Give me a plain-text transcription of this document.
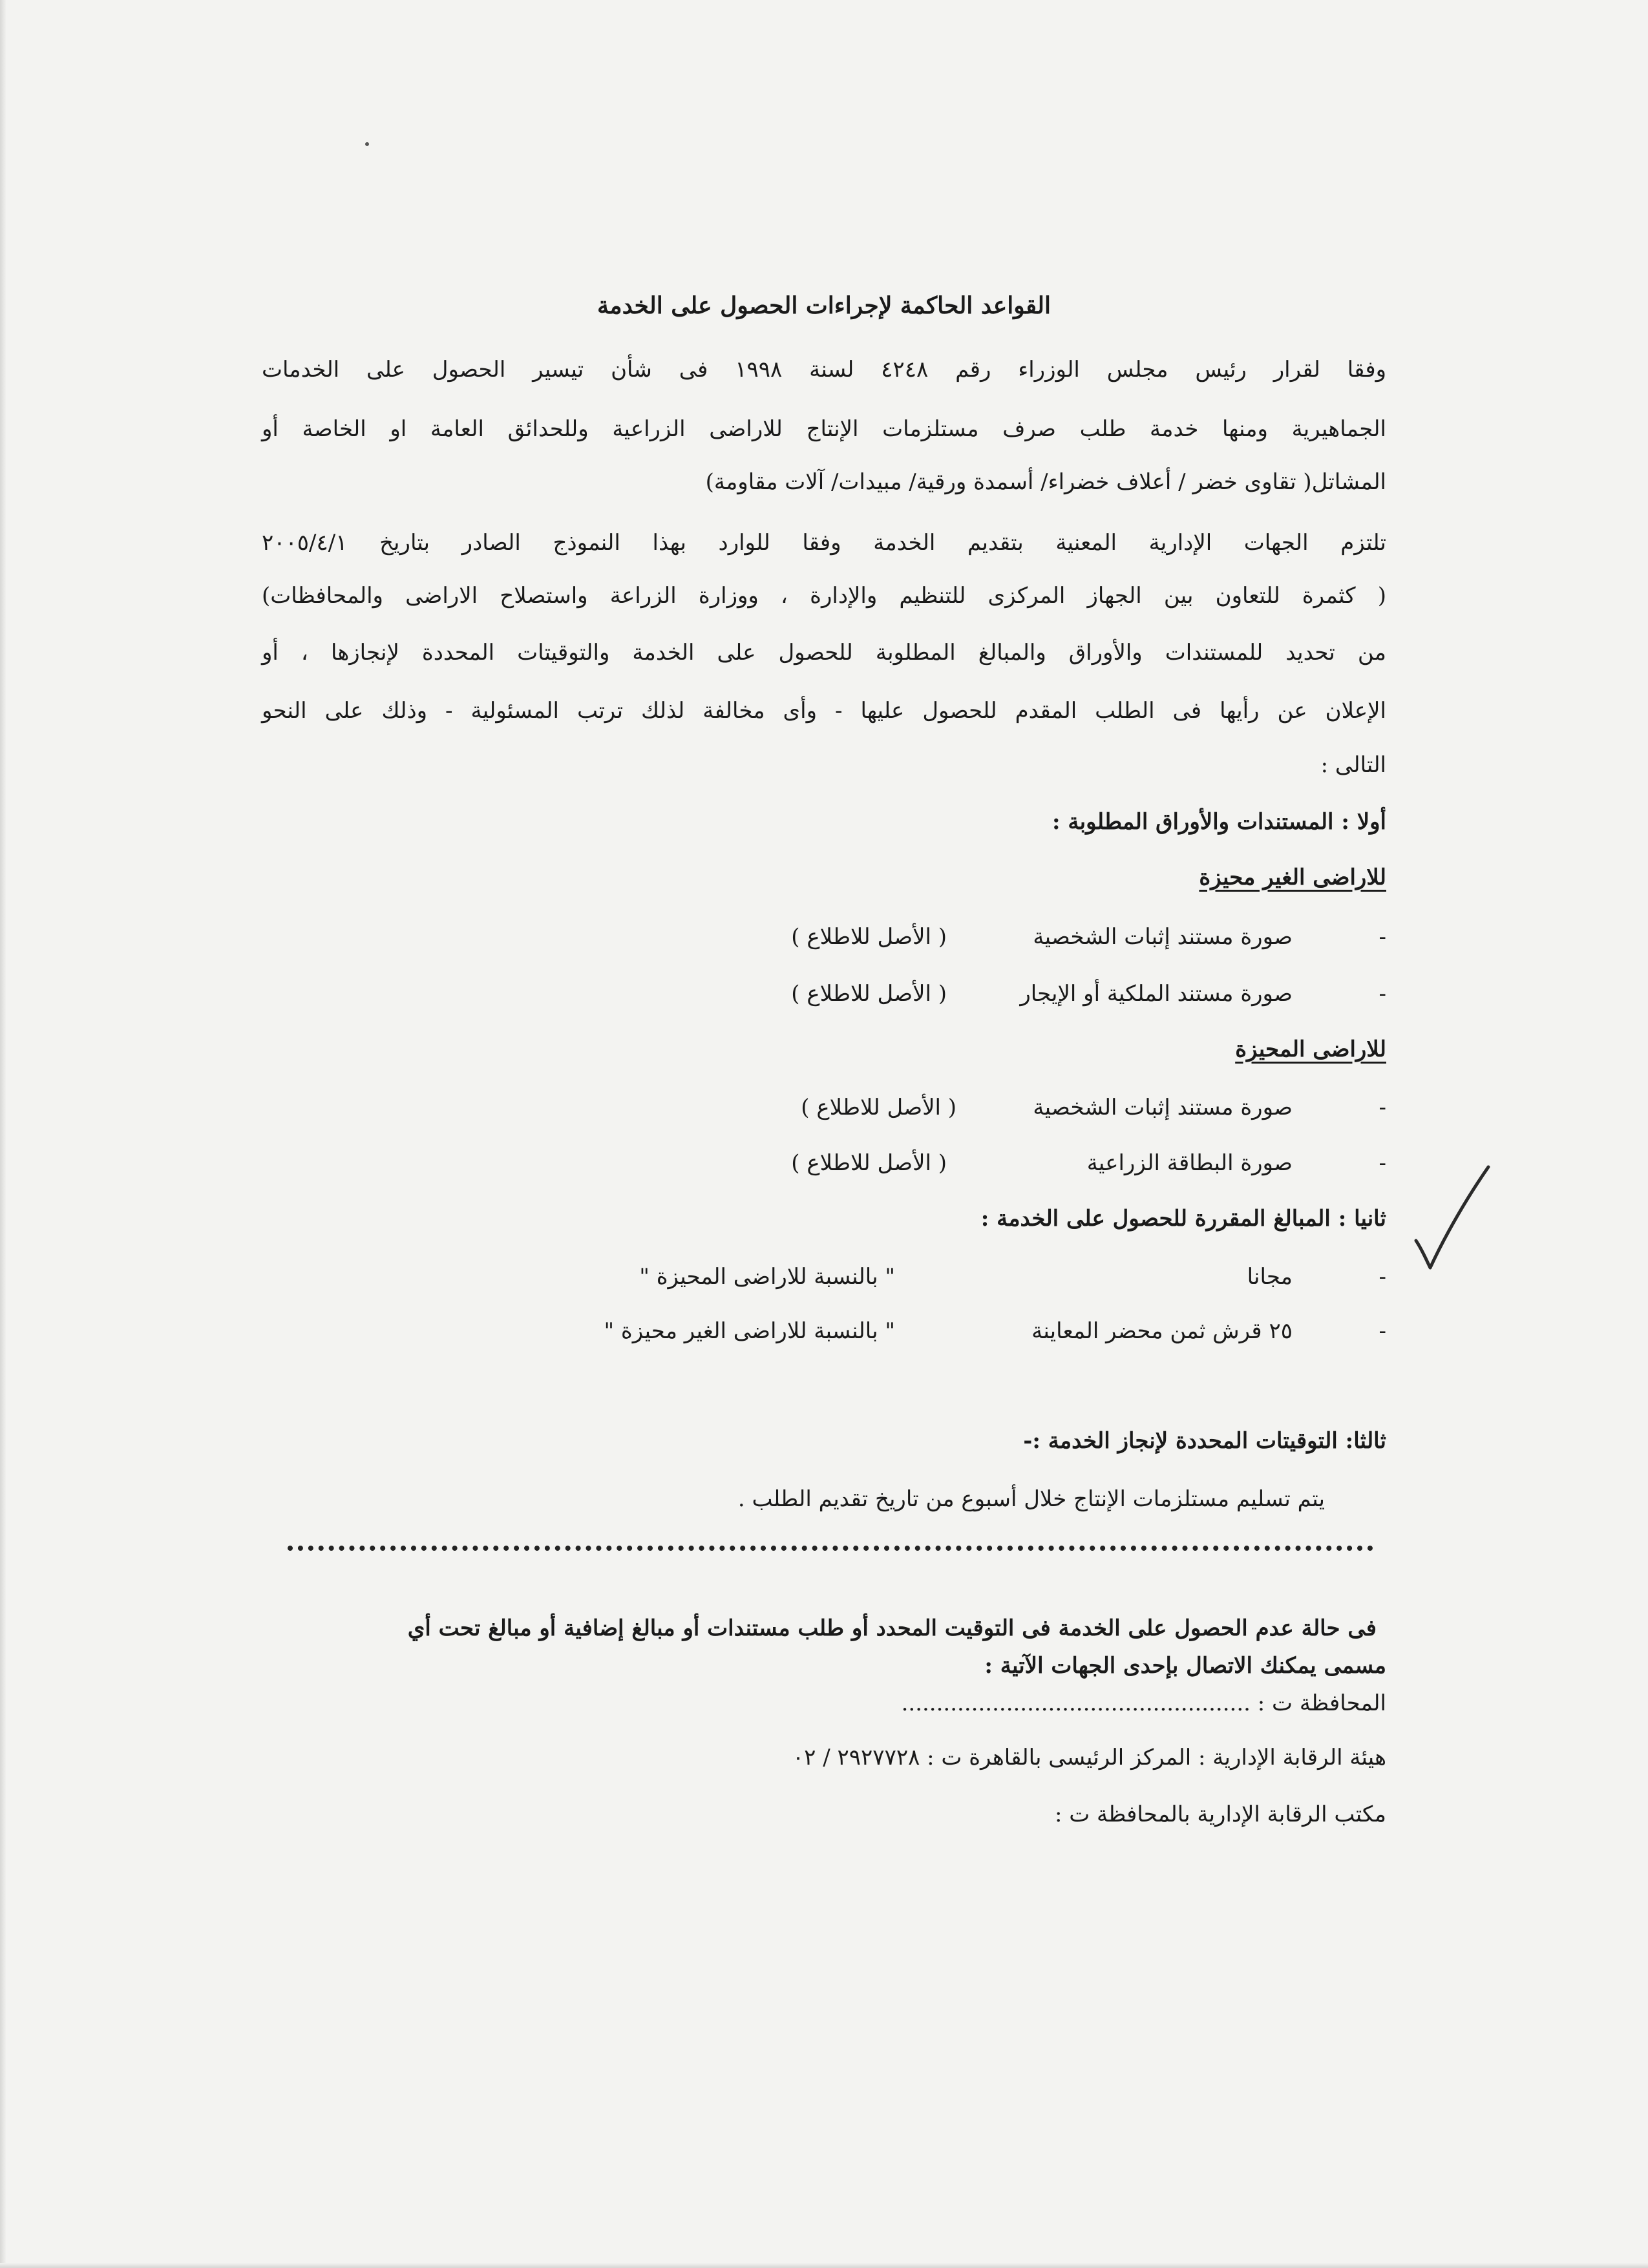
القواعد الحاكمة لإجراءات الحصول على الخدمة
وفقا لقرار رئيس مجلس الوزراء رقم ٤٢٤٨ لسنة ١٩٩٨ فى شأن تيسير الحصول على الخدمات
الجماهيرية ومنها خدمة طلب صرف مستلزمات الإنتاج للاراضى الزراعية وللحدائق العامة او الخاصة أو
المشاتل( تقاوى خضر / أعلاف خضراء/ أسمدة ورقية/ مبيدات/ آلات مقاومة)
تلتزم الجهات الإدارية المعنية بتقديم الخدمة وفقا للوارد بهذا النموذج الصادر بتاريخ ٢٠٠٥/٤/١
( كثمرة للتعاون بين الجهاز المركزى للتنظيم والإدارة ، ووزارة الزراعة واستصلاح الاراضى والمحافظات)
من تحديد للمستندات والأوراق والمبالغ المطلوبة للحصول على الخدمة والتوقيتات المحددة لإنجازها ، أو
الإعلان عن رأيها فى الطلب المقدم للحصول عليها - وأى مخالفة لذلك ترتب المسئولية - وذلك على النحو
التالى :
أولا : المستندات والأوراق المطلوبة :
للاراضى الغير محيزة
-
صورة مستند إثبات الشخصية
( الأصل للاطلاع )
-
صورة مستند الملكية أو الإيجار
( الأصل للاطلاع )
للاراضى المحيزة
-
صورة مستند إثبات الشخصية
( الأصل للاطلاع )
-
صورة البطاقة الزراعية
( الأصل للاطلاع )
ثانيا : المبالغ المقررة للحصول على الخدمة :
-
مجانا
" بالنسبة للاراضى المحيزة "
-
٢٥ قرش ثمن محضر المعاينة
" بالنسبة للاراضى الغير محيزة "
ثالثا: التوقيتات المحددة لإنجاز الخدمة :-
يتم تسليم مستلزمات الإنتاج خلال أسبوع من تاريخ تقديم الطلب .
فى حالة عدم الحصول على الخدمة فى التوقيت المحدد أو طلب مستندات أو مبالغ إضافية أو مبالغ تحت أي
مسمى يمكنك الاتصال بإحدى الجهات الآتية :
المحافظة ت : ..................................................
هيئة الرقابة الإدارية : المركز الرئيسى بالقاهرة ت : ٢٩٢٧٧٢٨ / ٠٢
مكتب الرقابة الإدارية بالمحافظة ت :
